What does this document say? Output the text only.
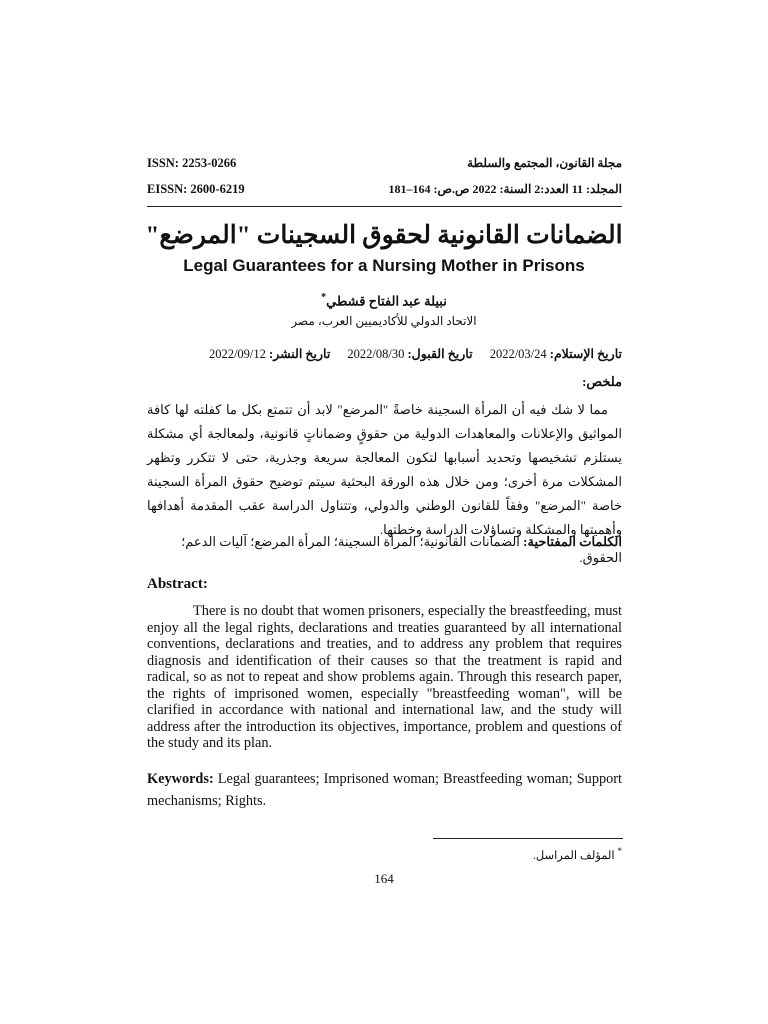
ISSN: 2253-0266	مجلة القانون، المجتمع والسلطة
EISSN: 2600-6219	المجلد: 11 العدد:2 السنة: 2022 ص.ص: 164–181
الضمانات القانونية لحقوق السجينات "المرضع"
Legal Guarantees for a Nursing Mother in Prisons
نبيلة عبد الفتاح قشطي*
الاتحاد الدولي للأكاديميين العرب، مصر
تاريخ الإستلام: 2022/03/24 تاريخ القبول: 2022/08/30 تاريخ النشر: 2022/09/12
ملخص:

مما لا شك فيه أن المرأة السجينة خاصةً "المرضع" لابد أن تتمتع بكل ما كفلته لها كافة المواثيق والإعلانات والمعاهدات الدولية من حقوقٍ وضماناتٍ قانونية، ولمعالجة أي مشكلة يستلزم تشخيصها وتحديد أسبابها لتكون المعالجة سريعة وجذرية، حتى لا تتكرر وتظهر المشكلات مرة أخرى؛ ومن خلال هذه الورقة البحثية سيتم توضيح حقوق المرأة السجينة خاصة "المرضع" وفقاً للقانون الوطني والدولي، وتتناول الدراسة عقب المقدمة أهدافها وأهميتها والمشكلة وتساؤلات الدراسة وخطتها.

الكلمات المفتاحية: الضمانات القانونية؛ المرأة السجينة؛ المرأة المرضع؛ آليات الدعم؛ الحقوق.
Abstract:

There is no doubt that women prisoners, especially the breastfeeding, must enjoy all the legal rights, declarations and treaties guaranteed by all international conventions, declarations and treaties, and to address any problem that requires diagnosis and identification of their causes so that the treatment is rapid and radical, so as not to repeat and show problems again. Through this research paper, the rights of imprisoned women, especially "breastfeeding woman", will be clarified in accordance with national and international law, and the study will address after the introduction its objectives, importance, problem and questions of the study and its plan.

Keywords: Legal guarantees; Imprisoned woman; Breastfeeding woman; Support mechanisms; Rights.
* المؤلف المراسل.
164
